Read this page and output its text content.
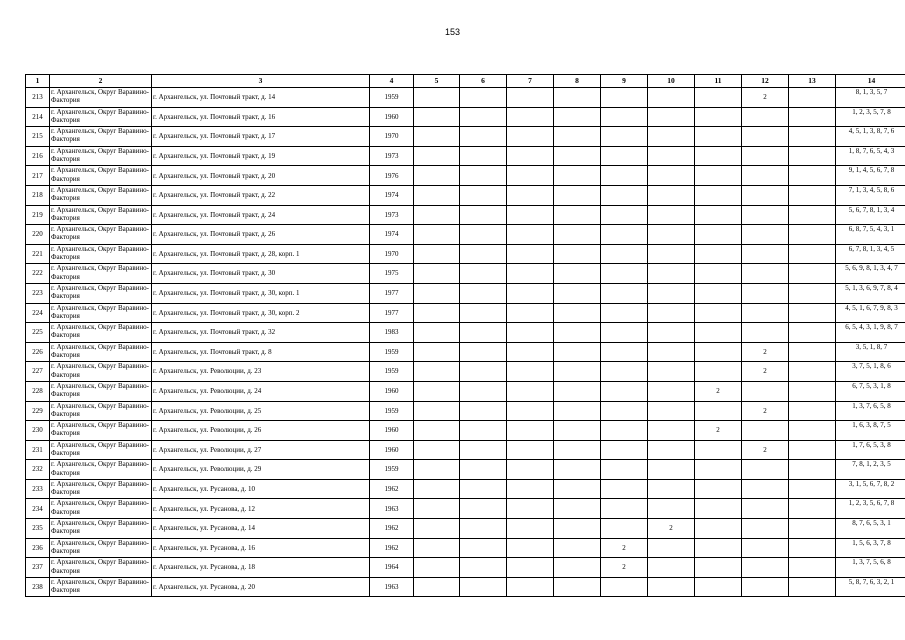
153
1	2	3	4	5	6	7	8	9	10	11	12	13	14
213	г. Архангельск, Округ Варавино-Фактория	г. Архангельск, ул. Почтовый тракт, д. 14	1959								2		8, 1, 3, 5, 7
214	г. Архангельск, Округ Варавино-Фактория	г. Архангельск, ул. Почтовый тракт, д. 16	1960										1, 2, 3, 5, 7, 8
215	г. Архангельск, Округ Варавино-Фактория	г. Архангельск, ул. Почтовый тракт, д. 17	1970										4, 5, 1, 3, 8, 7, 6
216	г. Архангельск, Округ Варавино-Фактория	г. Архангельск, ул. Почтовый тракт, д. 19	1973										1, 8, 7, 6, 5, 4, 3
217	г. Архангельск, Округ Варавино-Фактория	г. Архангельск, ул. Почтовый тракт, д. 20	1976										9, 1, 4, 5, 6, 7, 8
218	г. Архангельск, Округ Варавино-Фактория	г. Архангельск, ул. Почтовый тракт, д. 22	1974										7, 1, 3, 4, 5, 8, 6
219	г. Архангельск, Округ Варавино-Фактория	г. Архангельск, ул. Почтовый тракт, д. 24	1973										5, 6, 7, 8, 1, 3, 4
220	г. Архангельск, Округ Варавино-Фактория	г. Архангельск, ул. Почтовый тракт, д. 26	1974										6, 8, 7, 5, 4, 3, 1
221	г. Архангельск, Округ Варавино-Фактория	г. Архангельск, ул. Почтовый тракт, д. 28, корп. 1	1970										6, 7, 8, 1, 3, 4, 5
222	г. Архангельск, Округ Варавино-Фактория	г. Архангельск, ул. Почтовый тракт, д. 30	1975										5, 6, 9, 8, 1, 3, 4, 7
223	г. Архангельск, Округ Варавино-Фактория	г. Архангельск, ул. Почтовый тракт, д. 30, корп. 1	1977										5, 1, 3, 6, 9, 7, 8, 4
224	г. Архангельск, Округ Варавино-Фактория	г. Архангельск, ул. Почтовый тракт, д. 30, корп. 2	1977										4, 5, 1, 6, 7, 9, 8, 3
225	г. Архангельск, Округ Варавино-Фактория	г. Архангельск, ул. Почтовый тракт, д. 32	1983										6, 5, 4, 3, 1, 9, 8, 7
226	г. Архангельск, Округ Варавино-Фактория	г. Архангельск, ул. Почтовый тракт, д. 8	1959								2		3, 5, 1, 8, 7
227	г. Архангельск, Округ Варавино-Фактория	г. Архангельск, ул. Революции, д. 23	1959								2		3, 7, 5, 1, 8, 6
228	г. Архангельск, Округ Варавино-Фактория	г. Архангельск, ул. Революции, д. 24	1960							2			6, 7, 5, 3, 1, 8
229	г. Архангельск, Округ Варавино-Фактория	г. Архангельск, ул. Революции, д. 25	1959								2		1, 3, 7, 6, 5, 8
230	г. Архангельск, Округ Варавино-Фактория	г. Архангельск, ул. Революции, д. 26	1960							2			1, 6, 3, 8, 7, 5
231	г. Архангельск, Округ Варавино-Фактория	г. Архангельск, ул. Революции, д. 27	1960								2		1, 7, 6, 5, 3, 8
232	г. Архангельск, Округ Варавино-Фактория	г. Архангельск, ул. Революции, д. 29	1959										7, 8, 1, 2, 3, 5
233	г. Архангельск, Округ Варавино-Фактория	г. Архангельск, ул. Русанова, д. 10	1962										3, 1, 5, 6, 7, 8, 2
234	г. Архангельск, Округ Варавино-Фактория	г. Архангельск, ул. Русанова, д. 12	1963										1, 2, 3, 5, 6, 7, 8
235	г. Архангельск, Округ Варавино-Фактория	г. Архангельск, ул. Русанова, д. 14	1962						2				8, 7, 6, 5, 3, 1
236	г. Архангельск, Округ Варавино-Фактория	г. Архангельск, ул. Русанова, д. 16	1962					2					1, 5, 6, 3, 7, 8
237	г. Архангельск, Округ Варавино-Фактория	г. Архангельск, ул. Русанова, д. 18	1964					2					1, 3, 7, 5, 6, 8
238	г. Архангельск, Округ Варавино-Фактория	г. Архангельск, ул. Русанова, д. 20	1963										5, 8, 7, 6, 3, 2, 1
